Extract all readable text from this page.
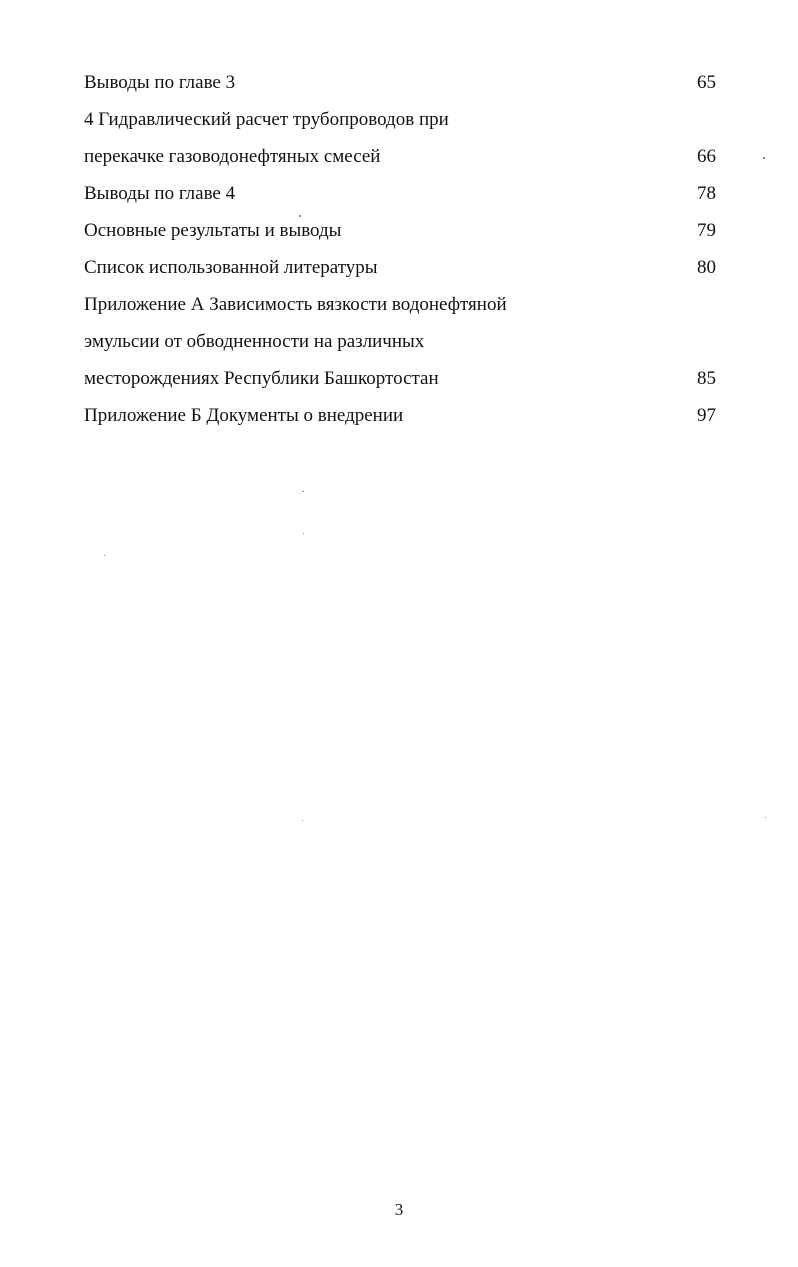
Выводы по главе 3	65
4 Гидравлический расчет трубопроводов при
перекачке газоводонефтяных смесей	66
Выводы по главе 4	78
Основные результаты и выводы	79
Список использованной литературы	80
Приложение А Зависимость вязкости водонефтяной
эмульсии от обводненности на различных
месторождениях Республики Башкортостан	85
Приложение Б Документы о внедрении	97
3
